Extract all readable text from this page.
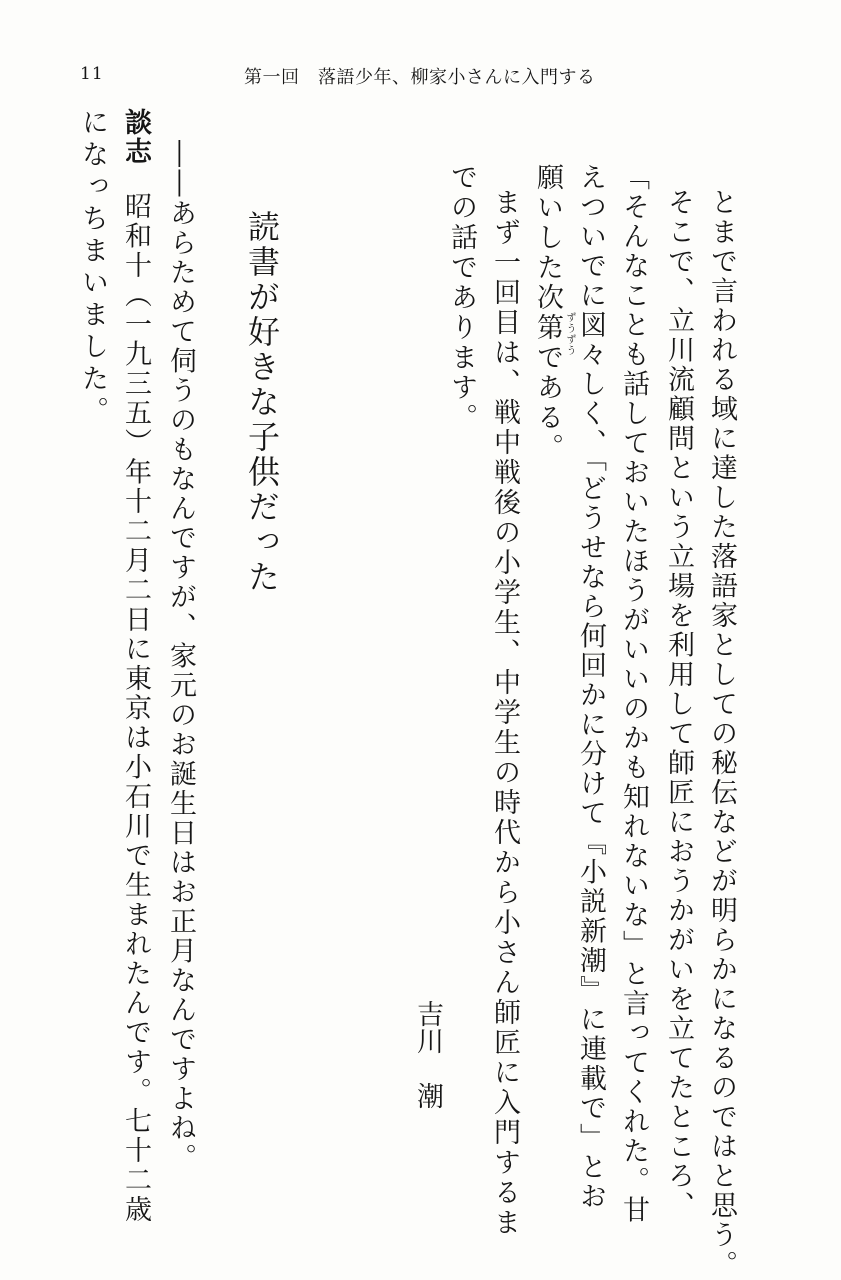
11	第一回　落語少年、柳家小さんに入門する
とまで言われる域に達した落語家としての秘伝などが明らかになるのではと思う。
そこで、立川流顧問という立場を利用して師匠におうかがいを立てたところ、
「そんなことも話しておいたほうがいいのかも知れないな」と言ってくれた。甘
えついでに図々しく、「どうせなら何回かに分けて『小説新潮』に連載で」とお
ずうずう
願いした次第である。
まず一回目は、戦中戦後の小学生、中学生の時代から小さん師匠に入門するま
での話であります。
吉川潮
読書が好きな子供だった
――あらためて伺うのもなんですが、家元のお誕生日はお正月なんですよね。
談志
昭和十（一九三五）年十二月二日に東京は小石川で生まれたんです。七十二歳
になっちまいました。
